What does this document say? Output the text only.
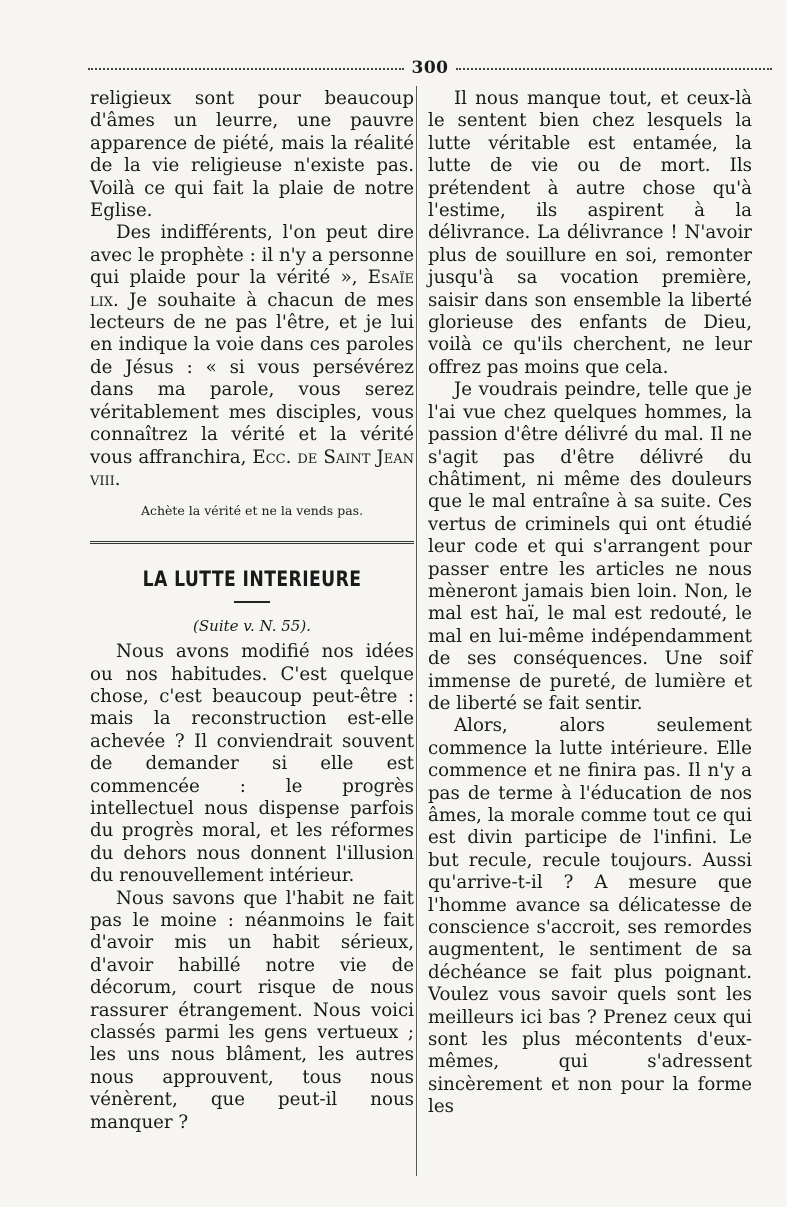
300

religieux sont pour beaucoup d'âmes un leurre, une pauvre apparence de piété, mais la réalité de la vie religieuse n'existe pas. Voilà ce qui fait la plaie de notre Eglise.

Des indifférents, l'on peut dire avec le prophète : il n'y a personne qui plaide pour la vérité », Esaïe lix. Je souhaite à chacun de mes lecteurs de ne pas l'être, et je lui en indique la voie dans ces paroles de Jésus : « si vous persévérez dans ma parole, vous serez véritablement mes disciples, vous connaîtrez la vérité et la vérité vous affranchira, Ecc. de Saint Jean viii.

Achète la vérité et ne la vends pas.

LA LUTTE INTERIEURE

(Suite v. N. 55).

Nous avons modifié nos idées ou nos habitudes. C'est quelque chose, c'est beaucoup peut-être : mais la reconstruction est-elle achevée ? Il conviendrait souvent de demander si elle est commencée : le progrès intellectuel nous dispense parfois du progrès moral, et les réformes du dehors nous donnent l'illusion du renouvellement intérieur.

Nous savons que l'habit ne fait pas le moine : néanmoins le fait d'avoir mis un habit sérieux, d'avoir habillé notre vie de décorum, court risque de nous rassurer étrangement. Nous voici classés parmi les gens vertueux ; les uns nous blâment, les autres nous approuvent, tous nous vénèrent, que peut-il nous manquer ?

Il nous manque tout, et ceux-là le sentent bien chez lesquels la lutte véritable est entamée, la lutte de vie ou de mort. Ils prétendent à autre chose qu'à l'estime, ils aspirent à la délivrance. La délivrance ! N'avoir plus de souillure en soi, remonter jusqu'à sa vocation première, saisir dans son ensemble la liberté glorieuse des enfants de Dieu, voilà ce qu'ils cherchent, ne leur offrez pas moins que cela.

Je voudrais peindre, telle que je l'ai vue chez quelques hommes, la passion d'être délivré du mal. Il ne s'agit pas d'être délivré du châtiment, ni même des douleurs que le mal entraîne à sa suite. Ces vertus de criminels qui ont étudié leur code et qui s'arrangent pour passer entre les articles ne nous mèneront jamais bien loin. Non, le mal est haï, le mal est redouté, le mal en lui-même indépendamment de ses conséquences. Une soif immense de pureté, de lumière et de liberté se fait sentir.

Alors, alors seulement commence la lutte intérieure. Elle commence et ne finira pas. Il n'y a pas de terme à l'éducation de nos âmes, la morale comme tout ce qui est divin participe de l'infini. Le but recule, recule toujours. Aussi qu'arrive-t-il ? A mesure que l'homme avance sa délicatesse de conscience s'accroit, ses remordes augmentent, le sentiment de sa déchéance se fait plus poignant. Voulez vous savoir quels sont les meilleurs ici bas ? Prenez ceux qui sont les plus mécontents d'eux-mêmes, qui s'adressent sincèrement et non pour la forme les
